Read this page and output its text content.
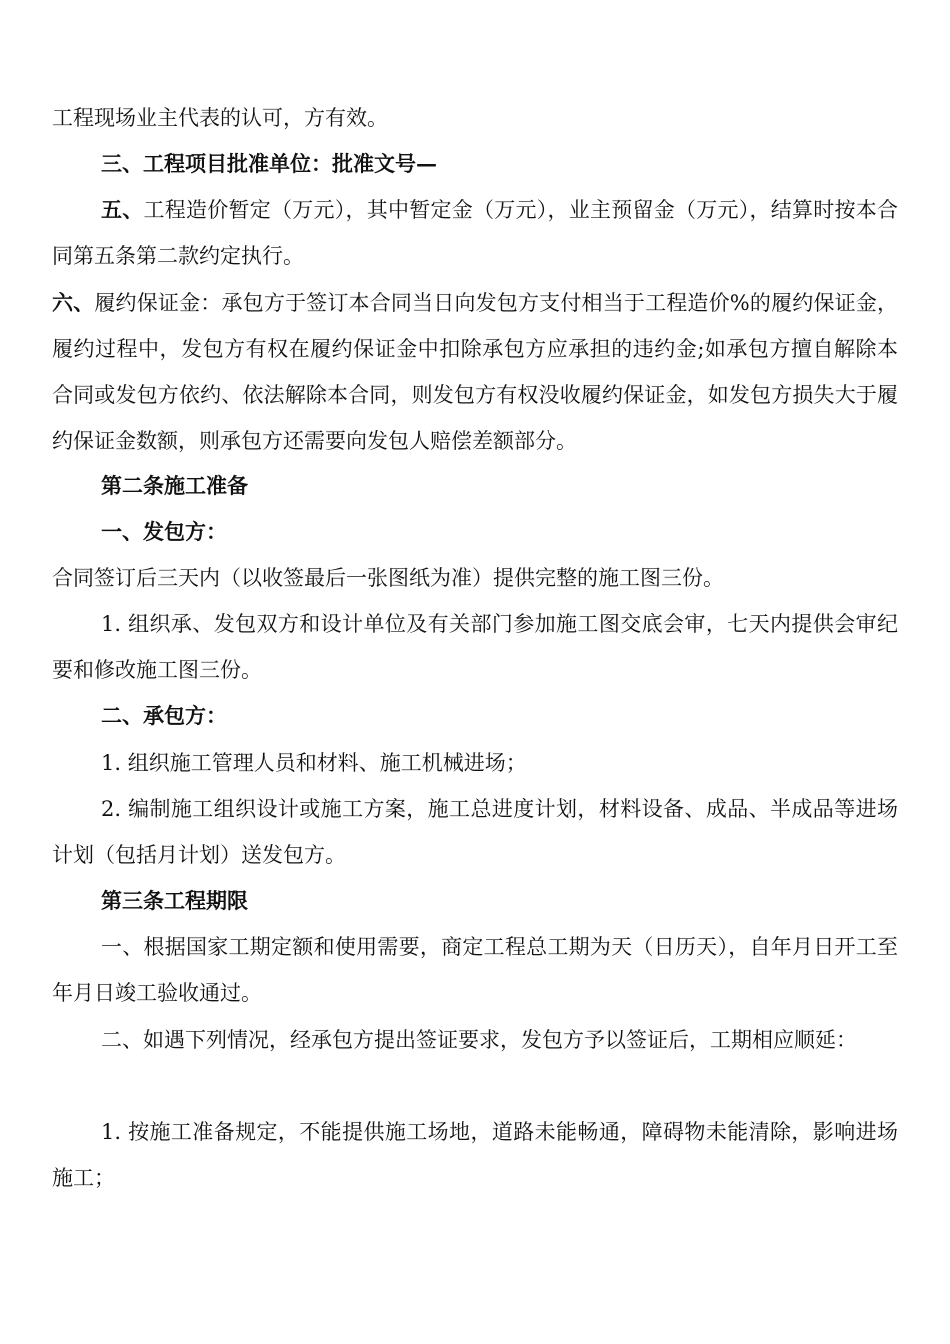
工程现场业主代表的认可，方有效。

三、工程项目批准单位：批准文号—

五、工程造价暂定（万元），其中暂定金（万元），业主预留金（万元），结算时按本合同第五条第二款约定执行。

六、履约保证金：承包方于签订本合同当日向发包方支付相当于工程造价%的履约保证金，履约过程中，发包方有权在履约保证金中扣除承包方应承担的违约金;如承包方擅自解除本合同或发包方依约、依法解除本合同，则发包方有权没收履约保证金，如发包方损失大于履约保证金数额，则承包方还需要向发包人赔偿差额部分。

第二条施工准备

一、发包方：

合同签订后三天内（以收签最后一张图纸为准）提供完整的施工图三份。

1. 组织承、发包双方和设计单位及有关部门参加施工图交底会审，七天内提供会审纪要和修改施工图三份。

二、承包方：

1. 组织施工管理人员和材料、施工机械进场；

2. 编制施工组织设计或施工方案，施工总进度计划，材料设备、成品、半成品等进场计划（包括月计划）送发包方。

第三条工程期限

一、根据国家工期定额和使用需要，商定工程总工期为天（日历天），自年月日开工至年月日竣工验收通过。

二、如遇下列情况，经承包方提出签证要求，发包方予以签证后，工期相应顺延：

1. 按施工准备规定，不能提供施工场地，道路未能畅通，障碍物未能清除，影响进场施工；
